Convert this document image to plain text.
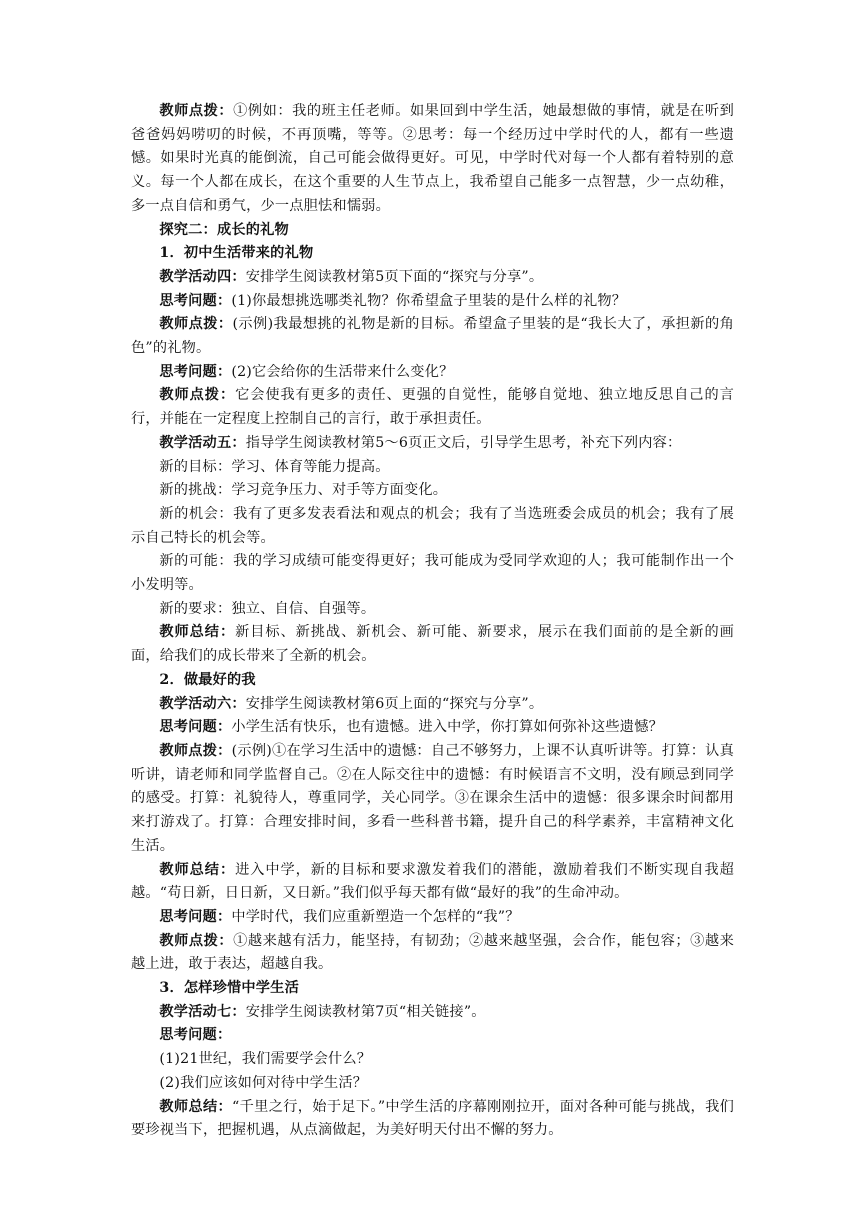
教师点拨：①例如：我的班主任老师。如果回到中学生活，她最想做的事情，就是在听到爸爸妈妈唠叨的时候，不再顶嘴，等等。②思考：每一个经历过中学时代的人，都有一些遗憾。如果时光真的能倒流，自己可能会做得更好。可见，中学时代对每一个人都有着特别的意义。每一个人都在成长，在这个重要的人生节点上，我希望自己能多一点智慧，少一点幼稚，多一点自信和勇气，少一点胆怯和懦弱。

探究二：成长的礼物

1．初中生活带来的礼物

教学活动四：安排学生阅读教材第5页下面的“探究与分享”。

思考问题：(1)你最想挑选哪类礼物？你希望盒子里装的是什么样的礼物？

教师点拨：(示例)我最想挑的礼物是新的目标。希望盒子里装的是“我长大了，承担新的角色”的礼物。

思考问题：(2)它会给你的生活带来什么变化？

教师点拨：它会使我有更多的责任、更强的自觉性，能够自觉地、独立地反思自己的言行，并能在一定程度上控制自己的言行，敢于承担责任。

教学活动五：指导学生阅读教材第5～6页正文后，引导学生思考，补充下列内容：

新的目标：学习、体育等能力提高。

新的挑战：学习竞争压力、对手等方面变化。

新的机会：我有了更多发表看法和观点的机会；我有了当选班委会成员的机会；我有了展示自己特长的机会等。

新的可能：我的学习成绩可能变得更好；我可能成为受同学欢迎的人；我可能制作出一个小发明等。

新的要求：独立、自信、自强等。

教师总结：新目标、新挑战、新机会、新可能、新要求，展示在我们面前的是全新的画面，给我们的成长带来了全新的机会。

2．做最好的我

教学活动六：安排学生阅读教材第6页上面的“探究与分享”。

思考问题：小学生活有快乐，也有遗憾。进入中学，你打算如何弥补这些遗憾？

教师点拨：(示例)①在学习生活中的遗憾：自己不够努力，上课不认真听讲等。打算：认真听讲，请老师和同学监督自己。②在人际交往中的遗憾：有时候语言不文明，没有顾忌到同学的感受。打算：礼貌待人，尊重同学，关心同学。③在课余生活中的遗憾：很多课余时间都用来打游戏了。打算：合理安排时间，多看一些科普书籍，提升自己的科学素养，丰富精神文化生活。

教师总结：进入中学，新的目标和要求激发着我们的潜能，激励着我们不断实现自我超越。“苟日新，日日新，又日新。”我们似乎每天都有做“最好的我”的生命冲动。

思考问题：中学时代，我们应重新塑造一个怎样的“我”？

教师点拨：①越来越有活力，能坚持，有韧劲；②越来越坚强，会合作，能包容；③越来越上进，敢于表达，超越自我。

3．怎样珍惜中学生活

教学活动七：安排学生阅读教材第7页“相关链接”。

思考问题：

(1)21世纪，我们需要学会什么？

(2)我们应该如何对待中学生活？

教师总结：“千里之行，始于足下。”中学生活的序幕刚刚拉开，面对各种可能与挑战，我们要珍视当下，把握机遇，从点滴做起，为美好明天付出不懈的努力。
